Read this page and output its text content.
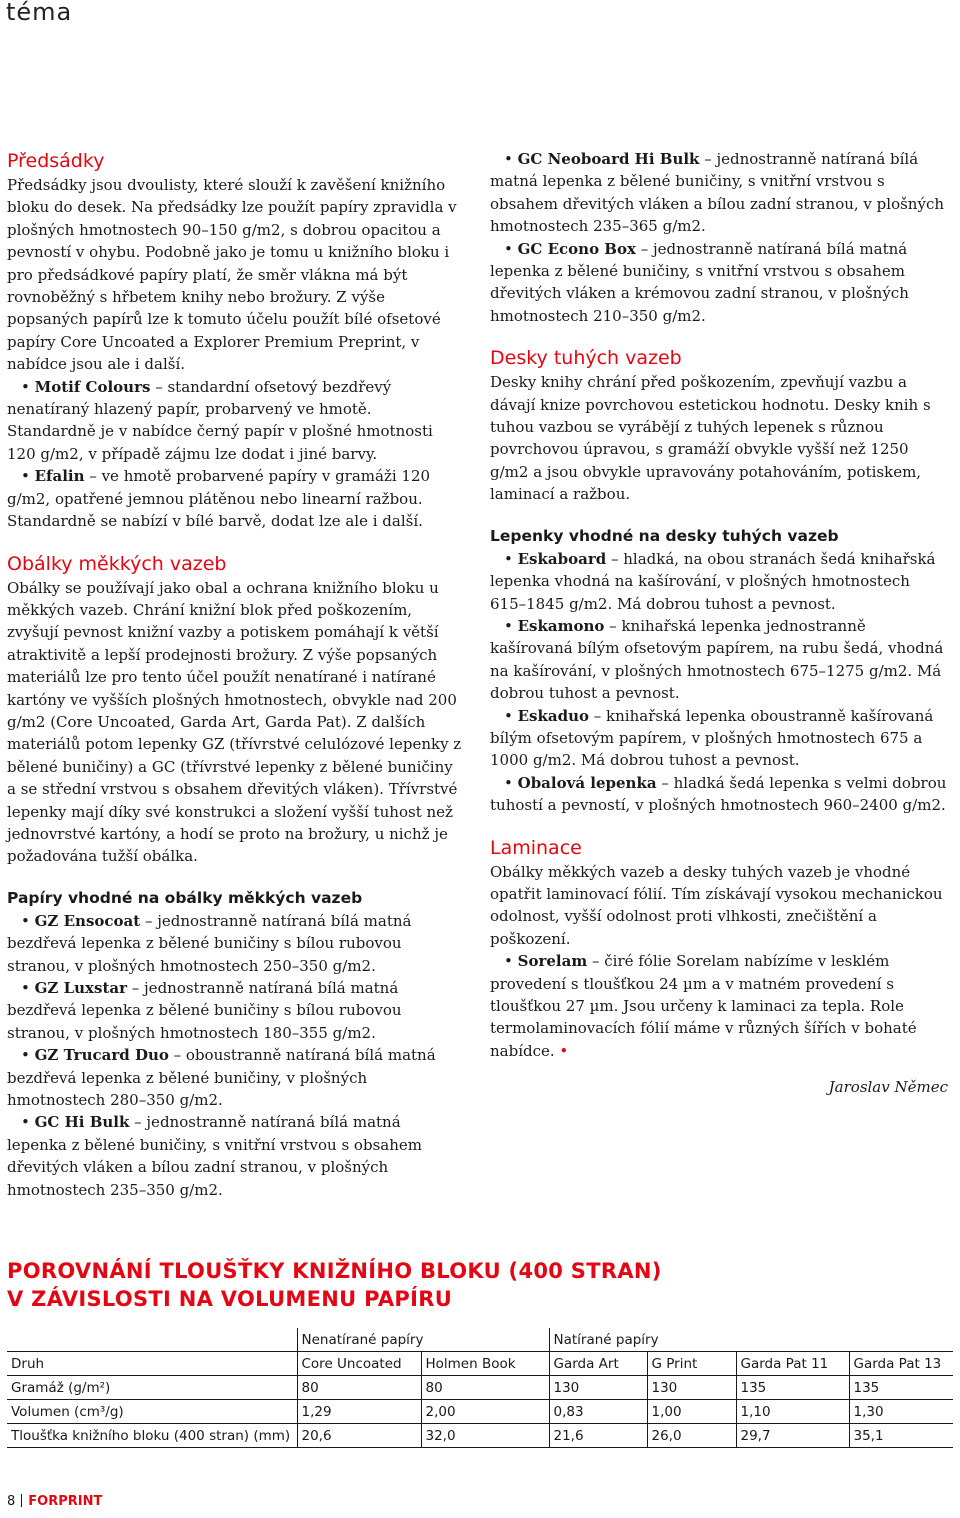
téma
Předsádky

Předsádky jsou dvoulisty, které slouží k zavěšení knižního bloku do desek. Na předsádky lze použít papíry zpravidla v plošných hmotnostech 90–150 g/m2, s dobrou opacitou a pevností v ohybu. Podobně jako je tomu u knižního bloku i pro předsádkové papíry platí, že směr vlákna má být rovnoběžný s hřbetem knihy nebo brožury. Z výše popsaných papírů lze k tomuto účelu použít bílé ofsetové papíry Core Uncoated a Explorer Premium Preprint, v nabídce jsou ale i další.

• Motif Colours – standardní ofsetový bezdřevý nenatíraný hlazený papír, probarvený ve hmotě. Standardně je v nabídce černý papír v plošné hmotnosti 120 g/m2, v případě zájmu lze dodat i jiné barvy.

• Efalin – ve hmotě probarvené papíry v gramáži 120 g/m2, opatřené jemnou plátěnou nebo linearní ražbou. Standardně se nabízí v bílé barvě, dodat lze ale i další.

Obálky měkkých vazeb

Obálky se používají jako obal a ochrana knižního bloku u měkkých vazeb. Chrání knižní blok před poškozením, zvyšují pevnost knižní vazby a potiskem pomáhají k větší atraktivitě a lepší prodejnosti brožury. Z výše popsaných materiálů lze pro tento účel použít nenatírané i natírané kartóny ve vyšších plošných hmotnostech, obvykle nad 200 g/m2 (Core Uncoated, Garda Art, Garda Pat). Z dalších materiálů potom lepenky GZ (třívrstvé celulózové lepenky z bělené buničiny) a GC (třívrstvé lepenky z bělené buničiny a se střední vrstvou s obsahem dřevitých vláken). Třívrstvé lepenky mají díky své konstrukci a složení vyšší tuhost než jednovrstvé kartóny, a hodí se proto na brožury, u nichž je požadována tužší obálka.

Papíry vhodné na obálky měkkých vazeb

• GZ Ensocoat – jednostranně natíraná bílá matná bezdřevá lepenka z bělené buničiny s bílou rubovou stranou, v plošných hmotnostech 250–350 g/m2.

• GZ Luxstar – jednostranně natíraná bílá matná bezdřevá lepenka z bělené buničiny s bílou rubovou stranou, v plošných hmotnostech 180–355 g/m2.

• GZ Trucard Duo – oboustranně natíraná bílá matná bezdřevá lepenka z bělené buničiny, v plošných hmotnostech 280–350 g/m2.

• GC Hi Bulk – jednostranně natíraná bílá matná lepenka z bělené buničiny, s vnitřní vrstvou s obsahem dřevitých vláken a bílou zadní stranou, v plošných hmotnostech 235–350 g/m2.

• GC Neoboard Hi Bulk – jednostranně natíraná bílá matná lepenka z bělené buničiny, s vnitřní vrstvou s obsahem dřevitých vláken a bílou zadní stranou, v plošných hmotnostech 235–365 g/m2.

• GC Econo Box – jednostranně natíraná bílá matná lepenka z bělené buničiny, s vnitřní vrstvou s obsahem dřevitých vláken a krémovou zadní stranou, v plošných hmotnostech 210–350 g/m2.

Desky tuhých vazeb

Desky knihy chrání před poškozením, zpevňují vazbu a dávají knize povrchovou estetickou hodnotu. Desky knih s tuhou vazbou se vyrábějí z tuhých lepenek s různou povrchovou úpravou, s gramáží obvykle vyšší než 1250 g/m2 a jsou obvykle upravovány potahováním, potiskem, laminací a ražbou.

Lepenky vhodné na desky tuhých vazeb

• Eskaboard – hladká, na obou stranách šedá knihařská lepenka vhodná na kašírování, v plošných hmotnostech 615–1845 g/m2. Má dobrou tuhost a pevnost.

• Eskamono – knihařská lepenka jednostranně kašírovaná bílým ofsetovým papírem, na rubu šedá, vhodná na kašírování, v plošných hmotnostech 675–1275 g/m2. Má dobrou tuhost a pevnost.

• Eskaduo – knihařská lepenka oboustranně kašírovaná bílým ofsetovým papírem, v plošných hmotnostech 675 a 1000 g/m2. Má dobrou tuhost a pevnost.

• Obalová lepenka – hladká šedá lepenka s velmi dobrou tuhostí a pevností, v plošných hmotnostech 960–2400 g/m2.

Laminace

Obálky měkkých vazeb a desky tuhých vazeb je vhodné opatřit laminovací fólií. Tím získávají vysokou mechanickou odolnost, vyšší odolnost proti vlhkosti, znečištění a poškození.

• Sorelam – čiré fólie Sorelam nabízíme v lesklém provedení s tloušťkou 24 µm a v matném provedení s tloušťkou 27 µm. Jsou určeny k laminaci za tepla. Role termolaminovacích fólií máme v různých šířích v bohaté nabídce. •

Jaroslav Němec
POROVNÁNÍ TLOUŠŤKY KNIŽNÍHO BLOKU (400 STRAN)
V ZÁVISLOSTI NA VOLUMENU PAPÍRU
	Nenatírané papíry		Natírané papíry			
Druh	Core Uncoated	Holmen Book	Garda Art	G Print	Garda Pat 11	Garda Pat 13
Gramáž (g/m²)	80	80	130	130	135	135
Volumen (cm³/g)	1,29	2,00	0,83	1,00	1,10	1,30
Tloušťka knižního bloku (400 stran) (mm)	20,6	32,0	21,6	26,0	29,7	35,1
8 FORPRINT
